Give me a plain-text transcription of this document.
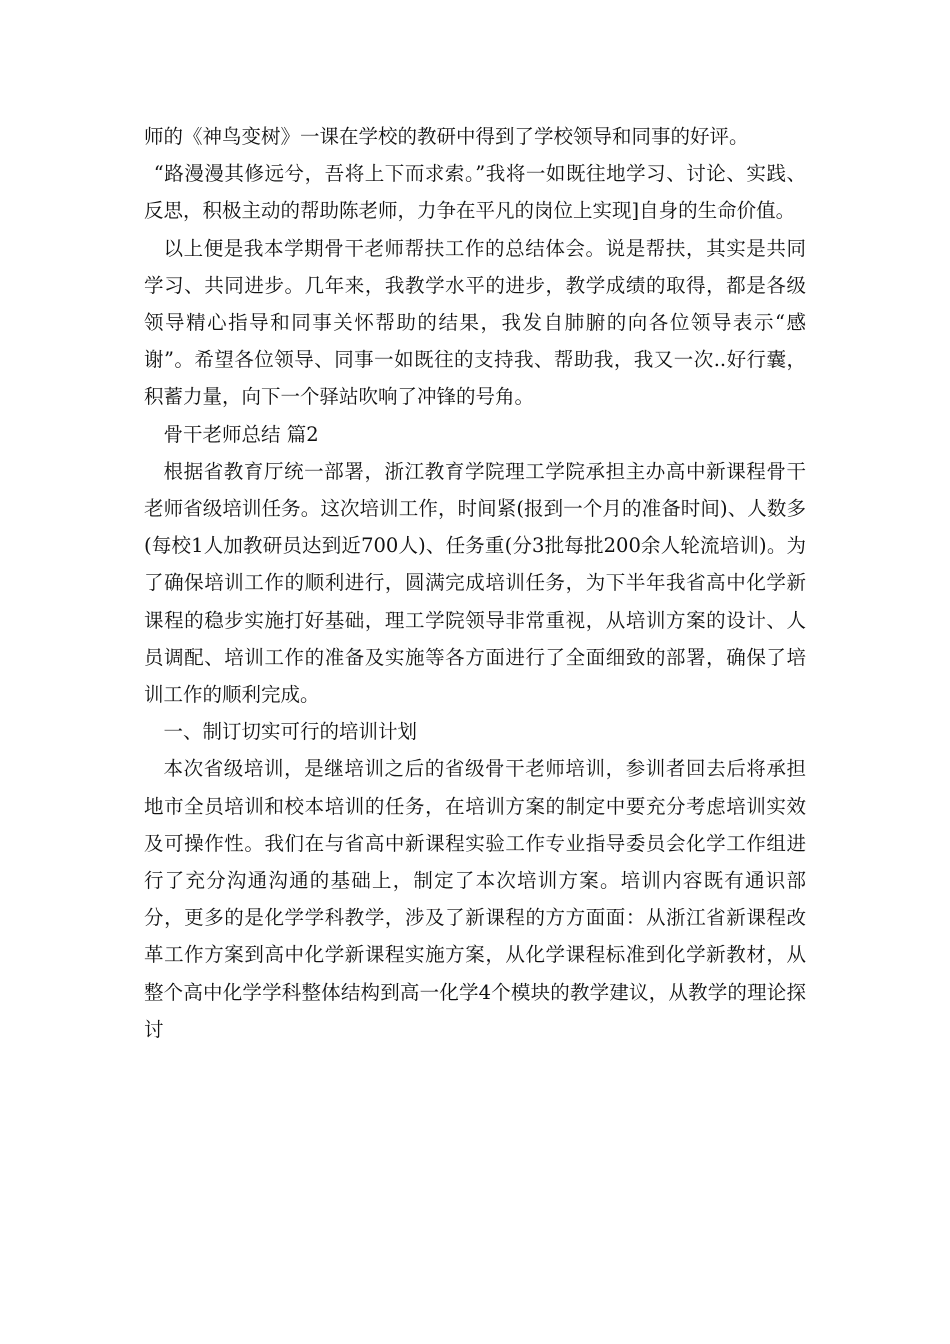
师的《神鸟变树》一课在学校的教研中得到了学校领导和同事的好评。

“路漫漫其修远兮，吾将上下而求索。”我将一如既往地学习、讨论、实践、反思，积极主动的帮助陈老师，力争在平凡的岗位上实现]自身的生命价值。

以上便是我本学期骨干老师帮扶工作的总结体会。说是帮扶，其实是共同学习、共同进步。几年来，我教学水平的进步，教学成绩的取得，都是各级领导精心指导和同事关怀帮助的结果，我发自肺腑的向各位领导表示“感谢”。希望各位领导、同事一如既往的支持我、帮助我，我又一次..好行囊，积蓄力量，向下一个驿站吹响了冲锋的号角。

骨干老师总结 篇2

根据省教育厅统一部署，浙江教育学院理工学院承担主办高中新课程骨干老师省级培训任务。这次培训工作，时间紧(报到一个月的准备时间)、人数多(每校1人加教研员达到近700人)、任务重(分3批每批200余人轮流培训)。为了确保培训工作的顺利进行，圆满完成培训任务，为下半年我省高中化学新课程的稳步实施打好基础，理工学院领导非常重视，从培训方案的设计、人员调配、培训工作的准备及实施等各方面进行了全面细致的部署，确保了培训工作的顺利完成。

一、制订切实可行的培训计划

本次省级培训，是继培训之后的省级骨干老师培训，参训者回去后将承担地市全员培训和校本培训的任务，在培训方案的制定中要充分考虑培训实效及可操作性。我们在与省高中新课程实验工作专业指导委员会化学工作组进行了充分沟通沟通的基础上，制定了本次培训方案。培训内容既有通识部分，更多的是化学学科教学，涉及了新课程的方方面面：从浙江省新课程改革工作方案到高中化学新课程实施方案，从化学课程标准到化学新教材，从整个高中化学学科整体结构到高一化学4个模块的教学建议，从教学的理论探讨
